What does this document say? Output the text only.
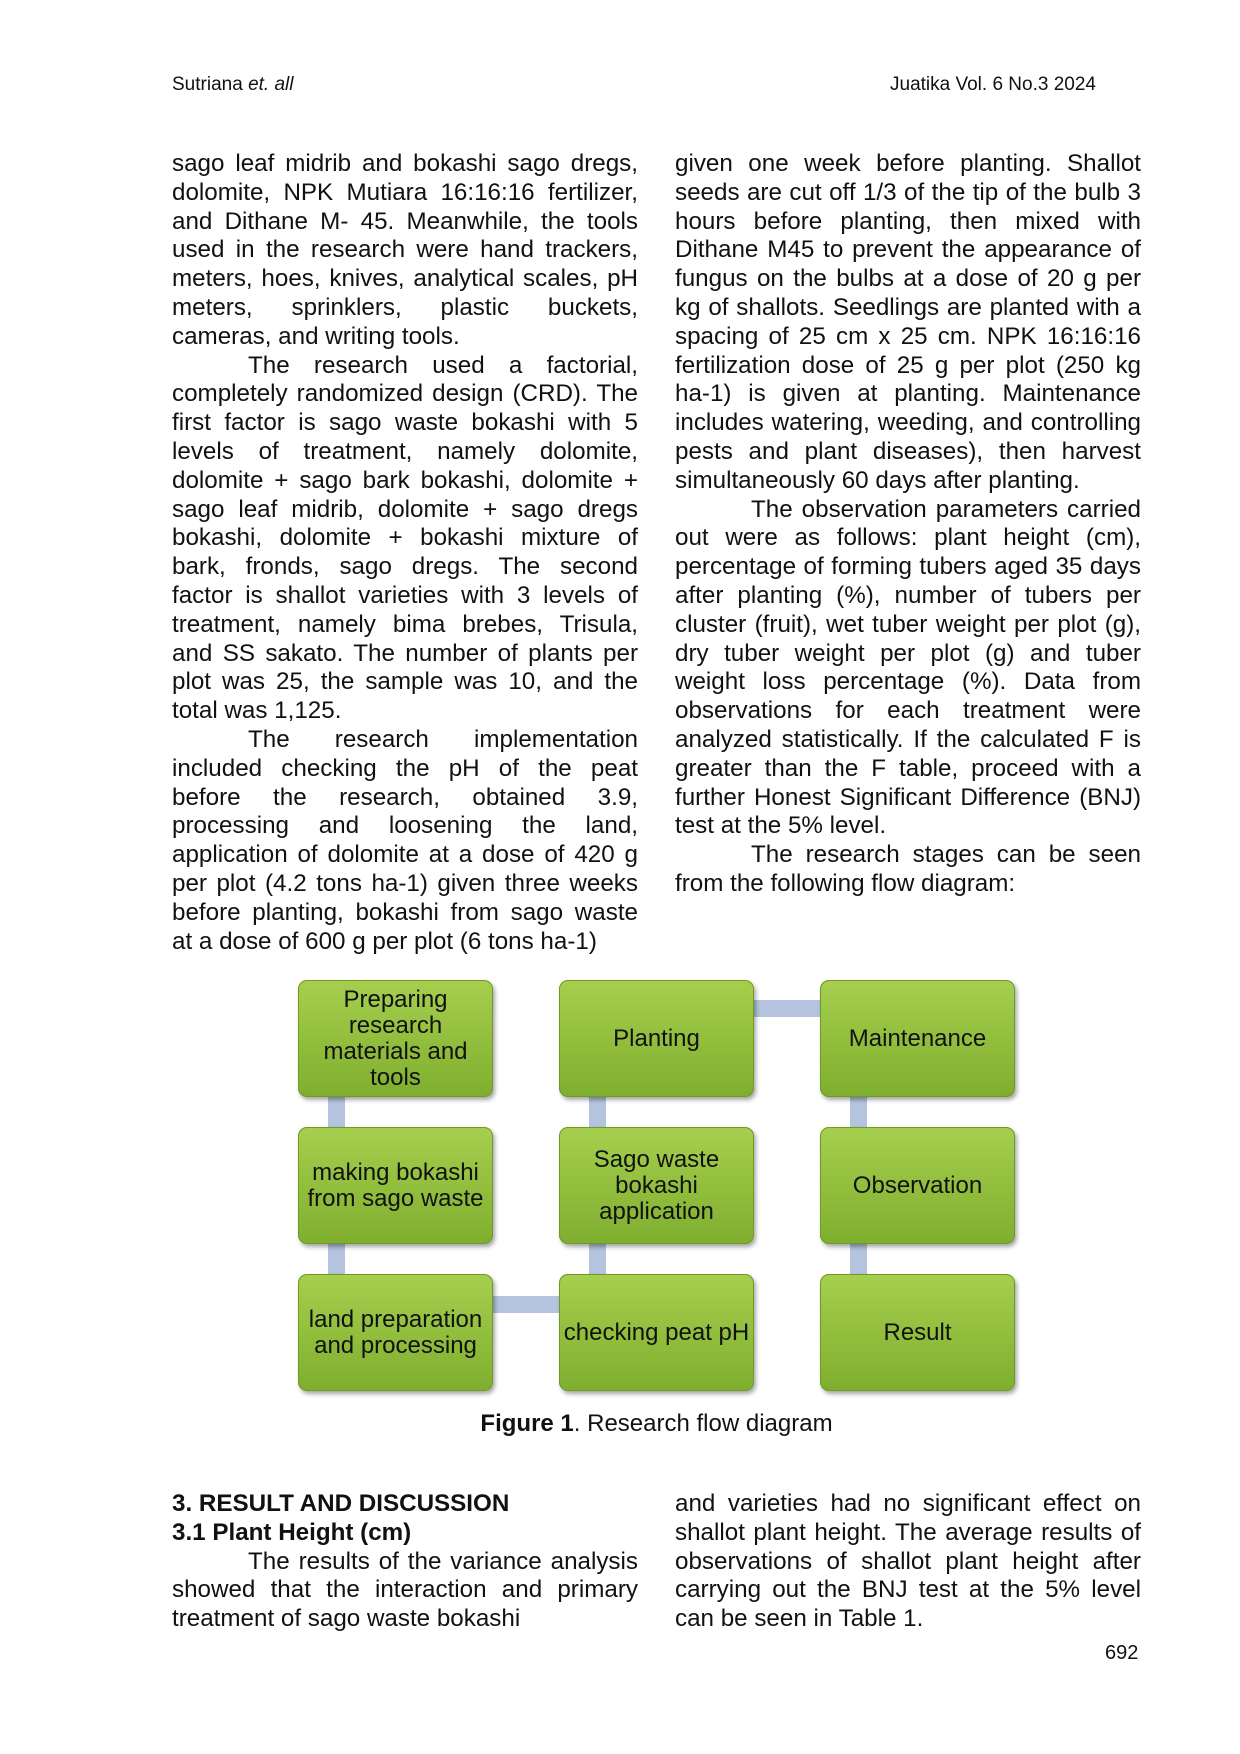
Sutriana et. all	Juatika Vol. 6 No.3 2024

sago leaf midrib and bokashi sago dregs, dolomite, NPK Mutiara 16:16:16 fertilizer, and Dithane M- 45. Meanwhile, the tools used in the research were hand trackers, meters, hoes, knives, analytical scales, pH meters, sprinklers, plastic buckets, cameras, and writing tools.

The research used a factorial, completely randomized design (CRD). The first factor is sago waste bokashi with 5 levels of treatment, namely dolomite, dolomite + sago bark bokashi, dolomite + sago leaf midrib, dolomite + sago dregs bokashi, dolomite + bokashi mixture of bark, fronds, sago dregs. The second factor is shallot varieties with 3 levels of treatment, namely bima brebes, Trisula, and SS sakato. The number of plants per plot was 25, the sample was 10, and the total was 1,125.

The research implementation included checking the pH of the peat before the research, obtained 3.9, processing and loosening the land, application of dolomite at a dose of 420 g per plot (4.2 tons ha-1) given three weeks before planting, bokashi from sago waste at a dose of 600 g per plot (6 tons ha-1)

given one week before planting. Shallot seeds are cut off 1/3 of the tip of the bulb 3 hours before planting, then mixed with Dithane M45 to prevent the appearance of fungus on the bulbs at a dose of 20 g per kg of shallots. Seedlings are planted with a spacing of 25 cm x 25 cm. NPK 16:16:16 fertilization dose of 25 g per plot (250 kg ha-1) is given at planting. Maintenance includes watering, weeding, and controlling pests and plant diseases), then harvest simultaneously 60 days after planting.

The observation parameters carried out were as follows: plant height (cm), percentage of forming tubers aged 35 days after planting (%), number of tubers per cluster (fruit), wet tuber weight per plot (g), dry tuber weight per plot (g) and tuber weight loss percentage (%). Data from observations for each treatment were analyzed statistically. If the calculated F is greater than the F table, proceed with a further Honest Significant Difference (BNJ) test at the 5% level.

The research stages can be seen from the following flow diagram:

Preparing research materials and tools
Planting	Maintenance
making bokashi from sago waste
Sago waste bokashi application
Observation
land preparation and processing	checking peat pH	Result
Figure 1. Research flow diagram

3. RESULT AND DISCUSSION

3.1 Plant Height (cm)

The results of the variance analysis showed that the interaction and primary treatment of sago waste bokashi

and varieties had no significant effect on shallot plant height. The average results of observations of shallot plant height after carrying out the BNJ test at the 5% level can be seen in Table 1.

692
